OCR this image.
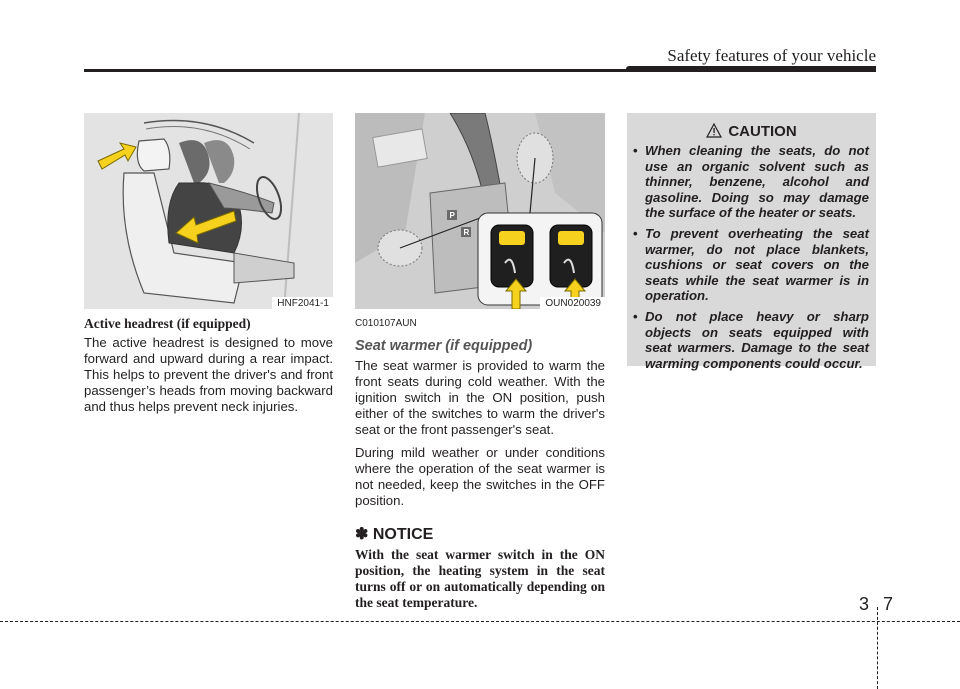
Safety features of your vehicle
HNF2041-1
P
R
OUN020039
Active headrest (if equipped)

The active headrest is designed to move forward and upward during a rear impact. This helps to prevent the driver's and front passenger’s heads from moving backward and thus helps prevent neck injuries.

C010107AUN
Seat warmer (if equipped)

The seat warmer is provided to warm the front seats during cold weather. With the ignition switch in the ON position, push either of the switches to warm the driver's seat or the front passenger's seat.

During mild weather or under conditions where the operation of the seat warmer is not needed, keep the switches in the OFF position.

✽ NOTICE
With the seat warmer switch in the ON position, the heating system in the seat turns off or on automatically depending on the seat temperature.
CAUTION
• When cleaning the seats, do not use an organic solvent such as thinner, benzene, alcohol and gasoline. Doing so may damage the surface of the heater or seats.
• To prevent overheating the seat warmer, do not place blankets, cushions or seat covers on the seats while the seat warmer is in operation.
• Do not place heavy or sharp objects on seats equipped with seat warmers. Damage to the seat warming components could occur.
3 7
